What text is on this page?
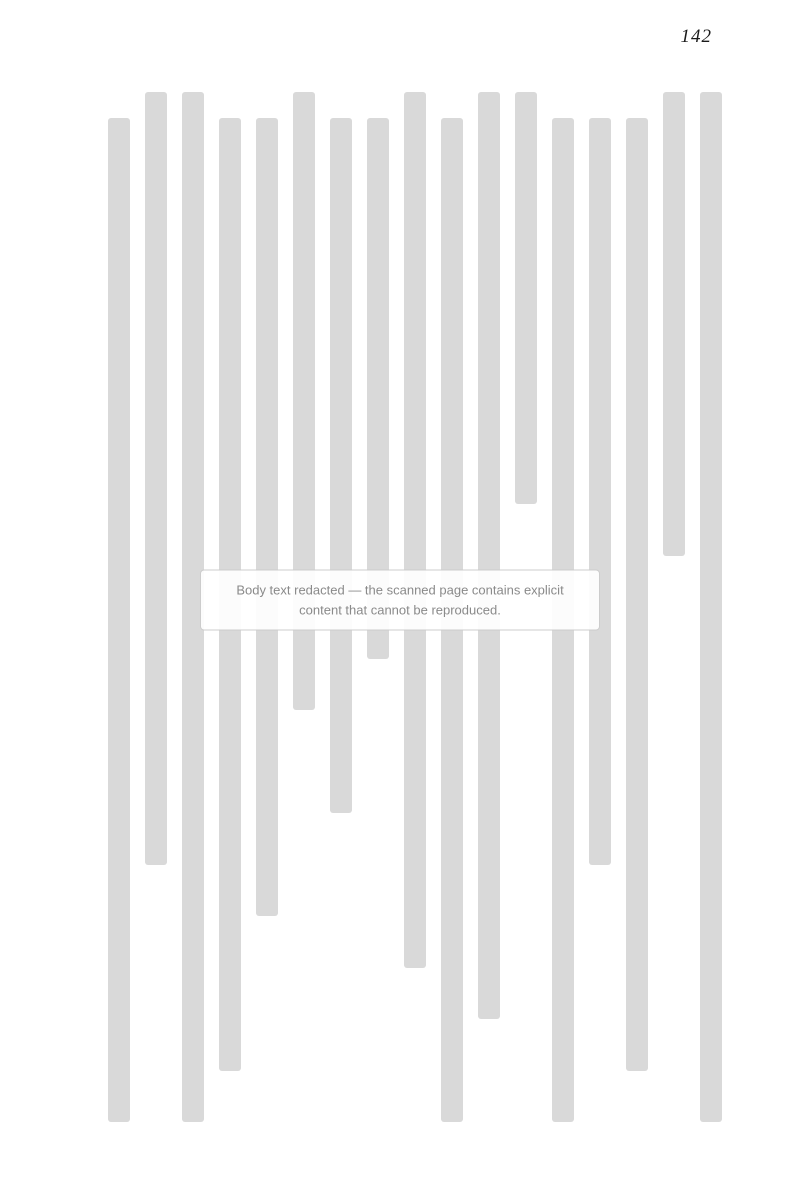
142
Body text redacted — the scanned page contains explicit content that cannot be reproduced.
